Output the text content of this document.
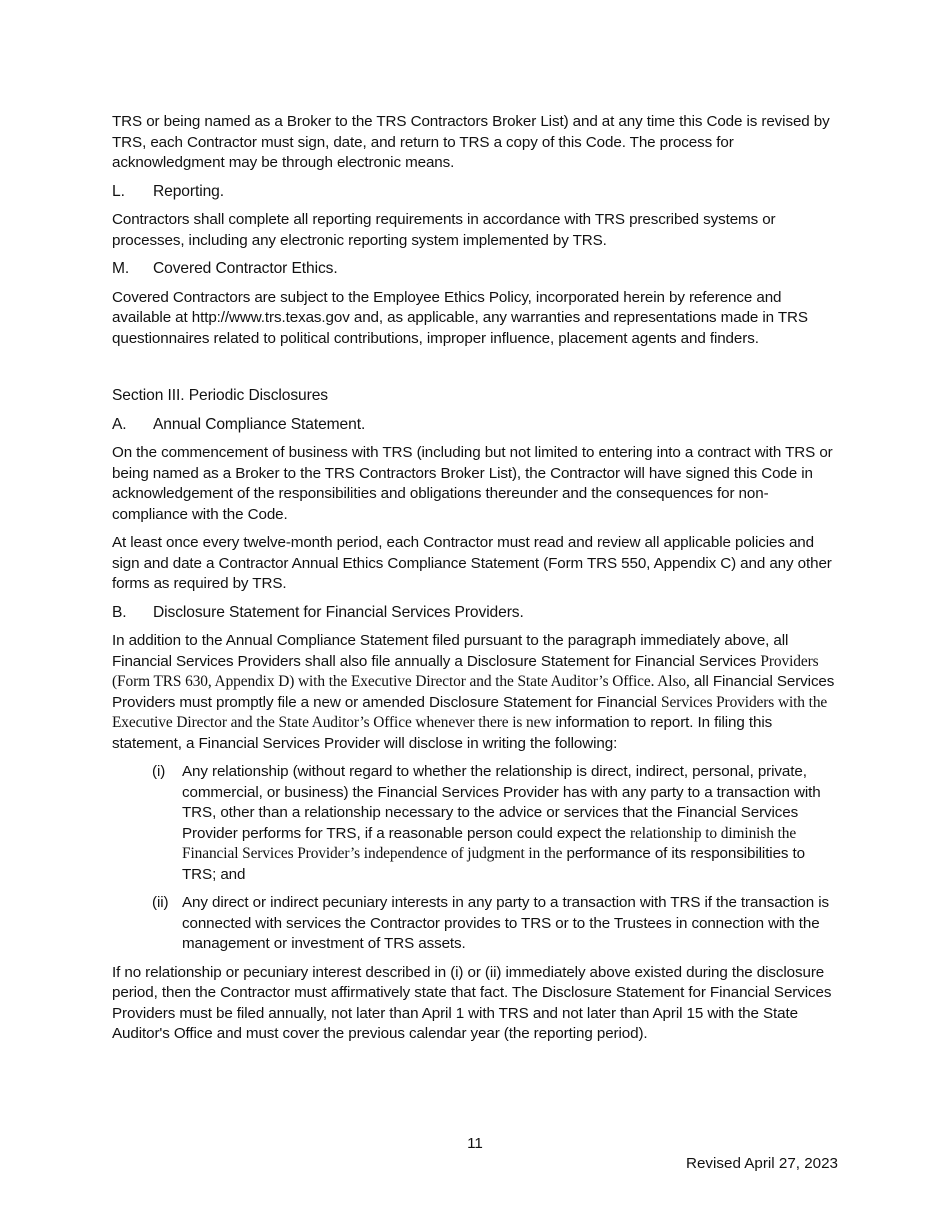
TRS or being named as a Broker to the TRS Contractors Broker List) and at any time this Code is revised by TRS, each Contractor must sign, date, and return to TRS a copy of this Code. The process for acknowledgment may be through electronic means.

L. Reporting.

Contractors shall complete all reporting requirements in accordance with TRS prescribed systems or processes, including any electronic reporting system implemented by TRS.

M. Covered Contractor Ethics.

Covered Contractors are subject to the Employee Ethics Policy, incorporated herein by reference and available at http://www.trs.texas.gov and, as applicable, any warranties and representations made in TRS questionnaires related to political contributions, improper influence, placement agents and finders.

Section III. Periodic Disclosures
A. Annual Compliance Statement.

On the commencement of business with TRS (including but not limited to entering into a contract with TRS or being named as a Broker to the TRS Contractors Broker List), the Contractor will have signed this Code in acknowledgement of the responsibilities and obligations thereunder and the consequences for non-compliance with the Code.

At least once every twelve-month period, each Contractor must read and review all applicable policies and sign and date a Contractor Annual Ethics Compliance Statement (Form TRS 550, Appendix C) and any other forms as required by TRS.

B. Disclosure Statement for Financial Services Providers.

In addition to the Annual Compliance Statement filed pursuant to the paragraph immediately above, all Financial Services Providers shall also file annually a Disclosure Statement for Financial Services Providers (Form TRS 630, Appendix D) with the Executive Director and the State Auditor’s Office. Also, all Financial Services Providers must promptly file a new or amended Disclosure Statement for Financial Services Providers with the Executive Director and the State Auditor’s Office whenever there is new information to report. In filing this statement, a Financial Services Provider will disclose in writing the following:

(i) Any relationship (without regard to whether the relationship is direct, indirect, personal, private, commercial, or business) the Financial Services Provider has with any party to a transaction with TRS, other than a relationship necessary to the advice or services that the Financial Services Provider performs for TRS, if a reasonable person could expect the relationship to diminish the Financial Services Provider’s independence of judgment in the performance of its responsibilities to TRS; and
(ii) Any direct or indirect pecuniary interests in any party to a transaction with TRS if the transaction is connected with services the Contractor provides to TRS or to the Trustees in connection with the management or investment of TRS assets.

If no relationship or pecuniary interest described in (i) or (ii) immediately above existed during the disclosure period, then the Contractor must affirmatively state that fact. The Disclosure Statement for Financial Services Providers must be filed annually, not later than April 1 with TRS and not later than April 15 with the State Auditor's Office and must cover the previous calendar year (the reporting period).

11
Revised April 27, 2023
